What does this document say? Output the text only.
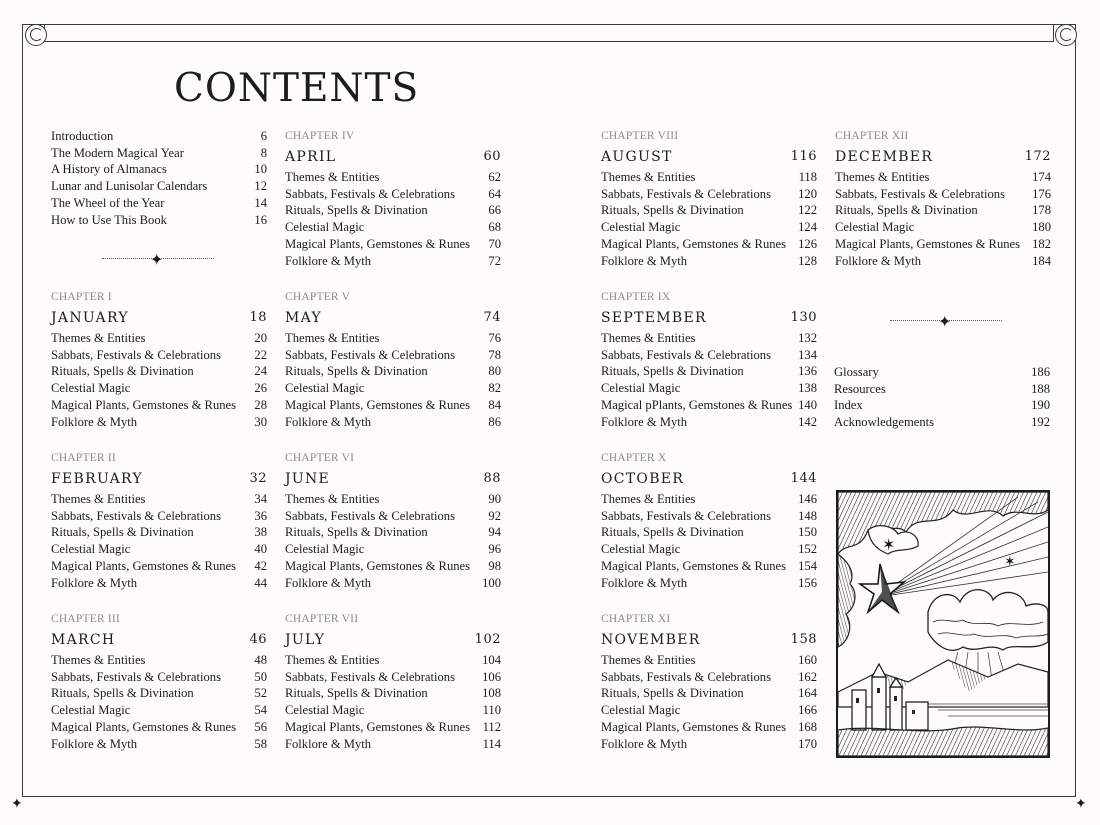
✦	✦
CONTENTS
Introduction	6
The Modern Magical Year	8
A History of Almanacs	10
Lunar and Lunisolar Calendars	12
The Wheel of the Year	14
How to Use This Book	16
✦
CHAPTER I
JANUARY	18
Themes & Entities	20
Sabbats, Festivals & Celebrations	22
Rituals, Spells & Divination	24
Celestial Magic	26
Magical Plants, Gemstones & Runes 28
Folklore & Myth	30
CHAPTER II
FEBRUARY	32
Themes & Entities	34
Sabbats, Festivals & Celebrations	36
Rituals, Spells & Divination	38
Celestial Magic	40
Magical Plants, Gemstones & Runes 42
Folklore & Myth	44
CHAPTER III
MARCH	46
Themes & Entities	48
Sabbats, Festivals & Celebrations	50
Rituals, Spells & Divination	52
Celestial Magic	54
Magical Plants, Gemstones & Runes 56
Folklore & Myth	58
CHAPTER IV
APRIL	60
Themes & Entities	62
Sabbats, Festivals & Celebrations	64
Rituals, Spells & Divination	66
Celestial Magic	68
Magical Plants, Gemstones & Runes 70
Folklore & Myth	72
CHAPTER V
MAY	74
Themes & Entities	76
Sabbats, Festivals & Celebrations	78
Rituals, Spells & Divination	80
Celestial Magic	82
Magical Plants, Gemstones & Runes 84
Folklore & Myth	86
CHAPTER VI
JUNE	88
Themes & Entities	90
Sabbats, Festivals & Celebrations	92
Rituals, Spells & Divination	94
Celestial Magic	96
Magical Plants, Gemstones & Runes 98
Folklore & Myth	100
CHAPTER VII
JULY	102
Themes & Entities	104
Sabbats, Festivals & Celebrations 106
Rituals, Spells & Divination	108
Celestial Magic	110
Magical Plants, Gemstones & Runes 112
Folklore & Myth	114
CHAPTER VIII
AUGUST	116
Themes & Entities	118
Sabbats, Festivals & Celebrations 120
Rituals, Spells & Divination	122
Celestial Magic	124
Magical Plants, Gemstones & Runes 126
Folklore & Myth	128
CHAPTER IX
SEPTEMBER	130
Themes & Entities	132
Sabbats, Festivals & Celebrations 134
Rituals, Spells & Divination	136
Celestial Magic	138
Magical pPlants, Gemstones & Runes 140
Folklore & Myth	142
CHAPTER X
OCTOBER	144
Themes & Entities	146
Sabbats, Festivals & Celebrations 148
Rituals, Spells & Divination	150
Celestial Magic	152
Magical Plants, Gemstones & Runes 154
Folklore & Myth	156
CHAPTER XI
NOVEMBER	158
Themes & Entities	160
Sabbats, Festivals & Celebrations 162
Rituals, Spells & Divination	164
Celestial Magic	166
Magical Plants, Gemstones & Runes 168
Folklore & Myth	170
CHAPTER XII
DECEMBER	172
Themes & Entities	174
Sabbats, Festivals & Celebrations 176
Rituals, Spells & Divination	178
Celestial Magic	180
Magical Plants, Gemstones & Runes 182
Folklore & Myth	184
✦
Glossary	186
Resources	188
Index	190
Acknowledgements	192
✶
✶
